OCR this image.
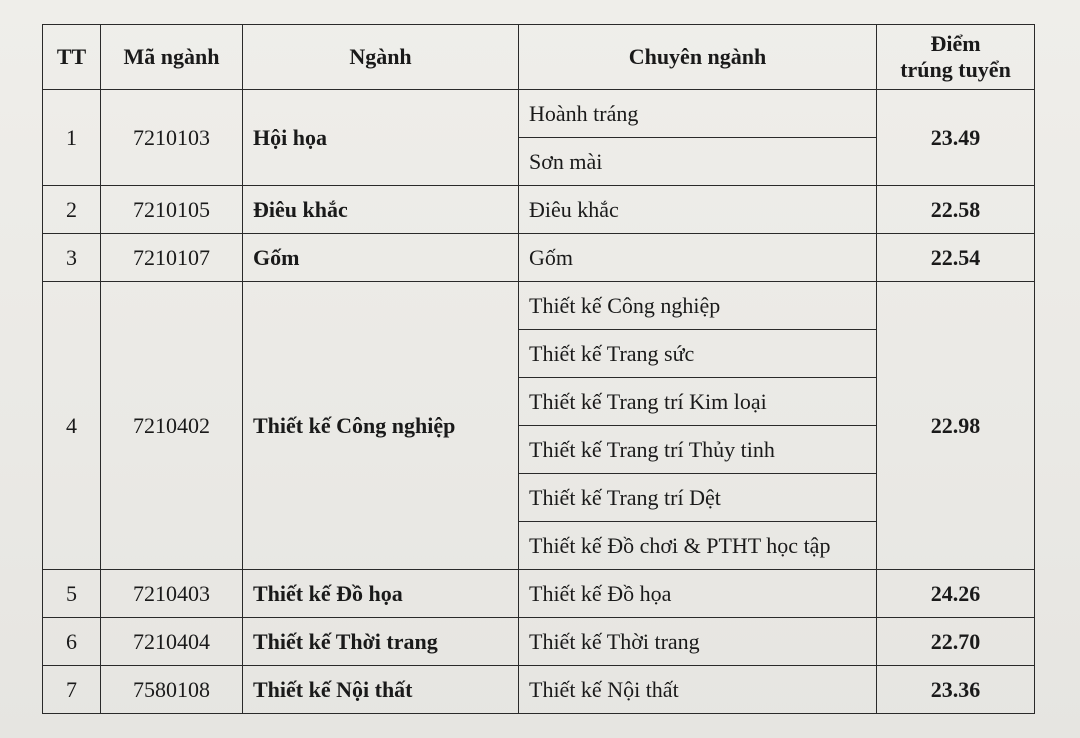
TT	Mã ngành	Ngành	Chuyên ngành	Điểm
trúng tuyển
1	7210103	Hội họa	Hoành tráng	23.49
			Sơn mài	
2	7210105	Điêu khắc	Điêu khắc	22.58
3	7210107	Gốm	Gốm	22.54
4	7210402	Thiết kế Công nghiệp	Thiết kế Công nghiệp	22.98
			Thiết kế Trang sức	
			Thiết kế Trang trí Kim loại	
			Thiết kế Trang trí Thủy tinh	
			Thiết kế Trang trí Dệt	
			Thiết kế Đồ chơi & PTHT học tập	
5	7210403	Thiết kế Đồ họa	Thiết kế Đồ họa	24.26
6	7210404	Thiết kế Thời trang	Thiết kế Thời trang	22.70
7	7580108	Thiết kế Nội thất	Thiết kế Nội thất	23.36
